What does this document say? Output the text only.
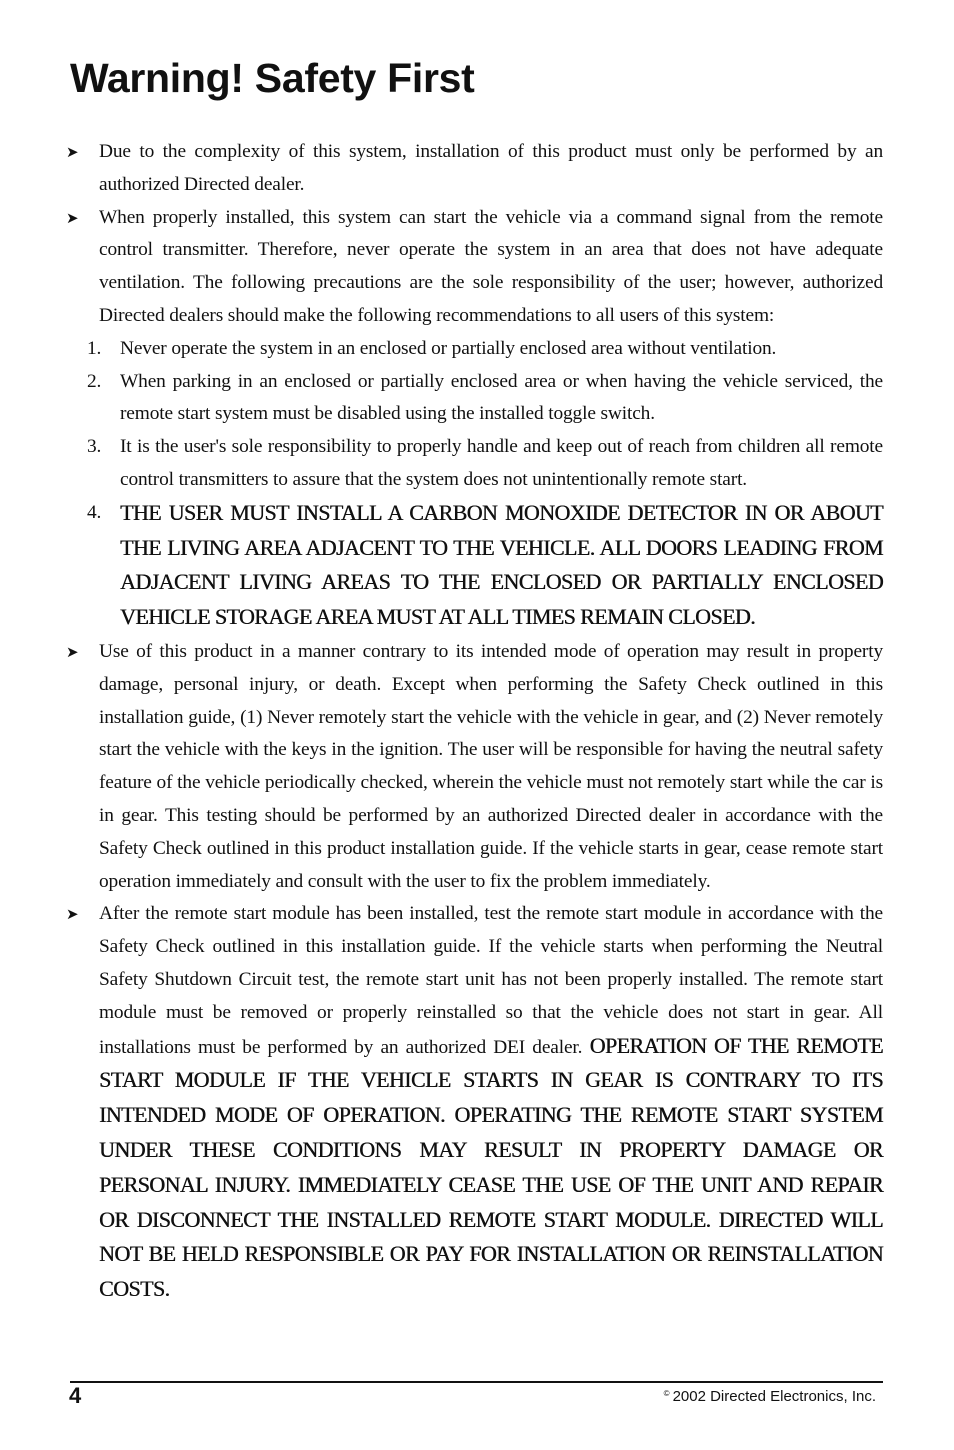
Warning! Safety First
➤	Due to the complexity of this system, installation of this product must only be performed by an authorized Directed dealer.
➤	When properly installed, this system can start the vehicle via a command signal from the remote control transmitter. Therefore, never operate the system in an area that does not have adequate ventilation. The following precautions are the sole responsibility of the user; however, authorized Directed dealers should make the following recommendations to all users of this system:
1. Never operate the system in an enclosed or partially enclosed area without ventilation.
2. When parking in an enclosed or partially enclosed area or when having the vehicle serviced, the remote start system must be disabled using the installed toggle switch.
3. It is the user's sole responsibility to properly handle and keep out of reach from children all remote control transmitters to assure that the system does not unintentionally remote start.
4. THE USER MUST INSTALL A CARBON MONOXIDE DETECTOR IN OR ABOUT THE LIVING AREA ADJACENT TO THE VEHICLE. ALL DOORS LEADING FROM ADJACENT LIVING AREAS TO THE ENCLOSED OR PARTIALLY ENCLOSED VEHICLE STORAGE AREA MUST AT ALL TIMES REMAIN CLOSED.
➤	Use of this product in a manner contrary to its intended mode of operation may result in property damage, personal injury, or death. Except when performing the Safety Check outlined in this installation guide, (1) Never remotely start the vehicle with the vehicle in gear, and (2) Never remotely start the vehicle with the keys in the ignition. The user will be responsible for having the neutral safety feature of the vehicle periodically checked, wherein the vehicle must not remotely start while the car is in gear. This testing should be performed by an authorized Directed dealer in accordance with the Safety Check outlined in this product installation guide. If the vehicle starts in gear, cease remote start operation immediately and consult with the user to fix the problem immediately.
➤	After the remote start module has been installed, test the remote start module in accordance with the Safety Check outlined in this installation guide. If the vehicle starts when performing the Neutral Safety Shutdown Circuit test, the remote start unit has not been properly installed. The remote start module must be removed or properly reinstalled so that the vehicle does not start in gear. All installations must be performed by an authorized DEI dealer. OPERATION OF THE REMOTE START MODULE IF THE VEHICLE STARTS IN GEAR IS CONTRARY TO ITS INTENDED MODE OF OPERATION. OPERATING THE REMOTE START SYSTEM UNDER THESE CONDITIONS MAY RESULT IN PROPERTY DAMAGE OR PERSONAL INJURY. IMMEDIATELY CEASE THE USE OF THE UNIT AND REPAIR OR DISCONNECT THE INSTALLED REMOTE START MODULE. DIRECTED WILL NOT BE HELD RESPONSIBLE OR PAY FOR INSTALLATION OR REINSTALLATION COSTS.
4	© 2002 Directed Electronics, Inc.
